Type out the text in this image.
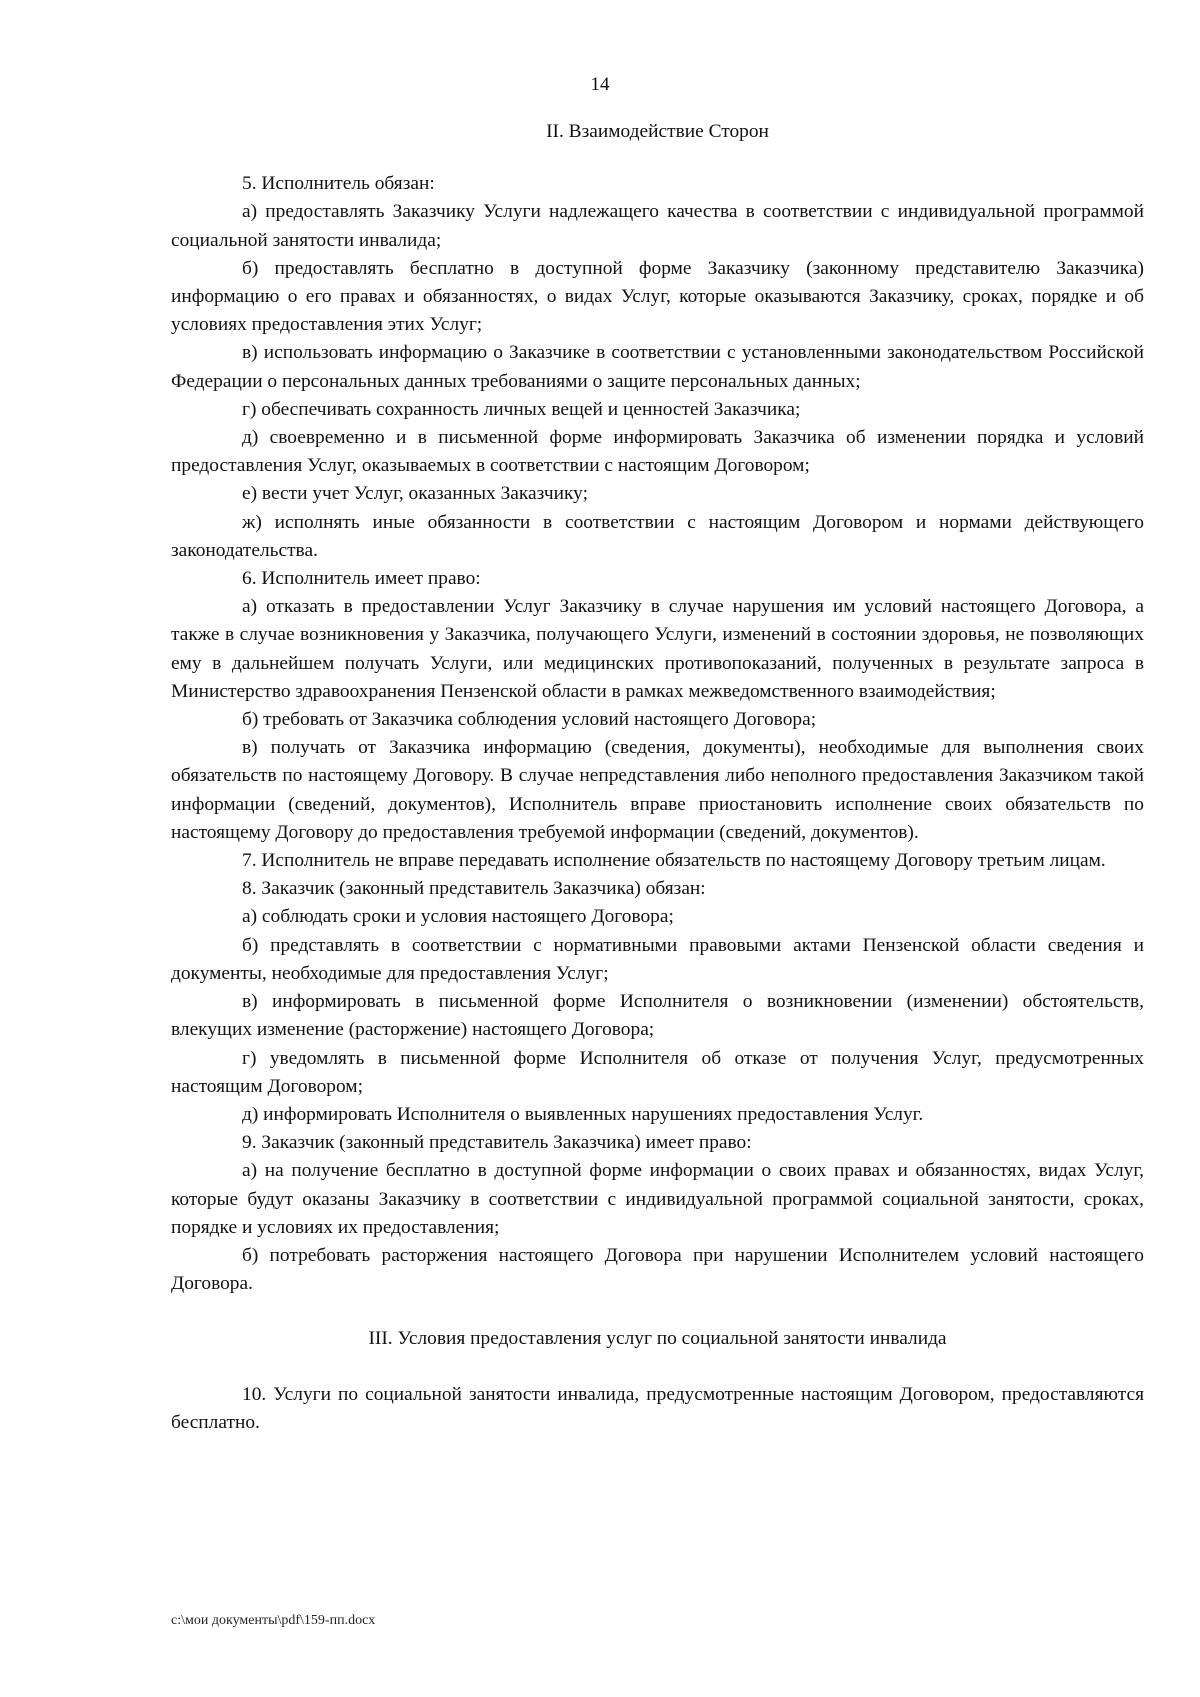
14

II. Взаимодействие Сторон

5. Исполнитель обязан:

а) предоставлять Заказчику Услуги надлежащего качества в соответствии с индивидуальной программой социальной занятости инвалида;

б) предоставлять бесплатно в доступной форме Заказчику (законному представителю Заказчика) информацию о его правах и обязанностях, о видах Услуг, которые оказываются Заказчику, сроках, порядке и об условиях предоставления этих Услуг;

в) использовать информацию о Заказчике в соответствии с установленными законодательством Российской Федерации о персональных данных требованиями о защите персональных данных;

г) обеспечивать сохранность личных вещей и ценностей Заказчика;

д) своевременно и в письменной форме информировать Заказчика об изменении порядка и условий предоставления Услуг, оказываемых в соответствии с настоящим Договором;

е) вести учет Услуг, оказанных Заказчику;

ж) исполнять иные обязанности в соответствии с настоящим Договором и нормами действующего законодательства.

6. Исполнитель имеет право:

а) отказать в предоставлении Услуг Заказчику в случае нарушения им условий настоящего Договора, а также в случае возникновения у Заказчика, получающего Услуги, изменений в состоянии здоровья, не позволяющих ему в дальнейшем получать Услуги, или медицинских противопоказаний, полученных в результате запроса в Министерство здравоохранения Пензенской области в рамках межведомственного взаимодействия;

б) требовать от Заказчика соблюдения условий настоящего Договора;

в) получать от Заказчика информацию (сведения, документы), необходимые для выполнения своих обязательств по настоящему Договору. В случае непредставления либо неполного предоставления Заказчиком такой информации (сведений, документов), Исполнитель вправе приостановить исполнение своих обязательств по настоящему Договору до предоставления требуемой информации (сведений, документов).

7. Исполнитель не вправе передавать исполнение обязательств по настоящему Договору третьим лицам.

8. Заказчик (законный представитель Заказчика) обязан:

а) соблюдать сроки и условия настоящего Договора;

б) представлять в соответствии с нормативными правовыми актами Пензенской области сведения и документы, необходимые для предоставления Услуг;

в) информировать в письменной форме Исполнителя о возникновении (изменении) обстоятельств, влекущих изменение (расторжение) настоящего Договора;

г) уведомлять в письменной форме Исполнителя об отказе от получения Услуг, предусмотренных настоящим Договором;

д) информировать Исполнителя о выявленных нарушениях предоставления Услуг.

9. Заказчик (законный представитель Заказчика) имеет право:

а) на получение бесплатно в доступной форме информации о своих правах и обязанностях, видах Услуг, которые будут оказаны Заказчику в соответствии с индивидуальной программой социальной занятости, сроках, порядке и условиях их предоставления;

б) потребовать расторжения настоящего Договора при нарушении Исполнителем условий настоящего Договора.

III. Условия предоставления услуг по социальной занятости инвалида

10. Услуги по социальной занятости инвалида, предусмотренные настоящим Договором, предоставляются бесплатно.

c:\мои документы\pdf\159-пп.docx
